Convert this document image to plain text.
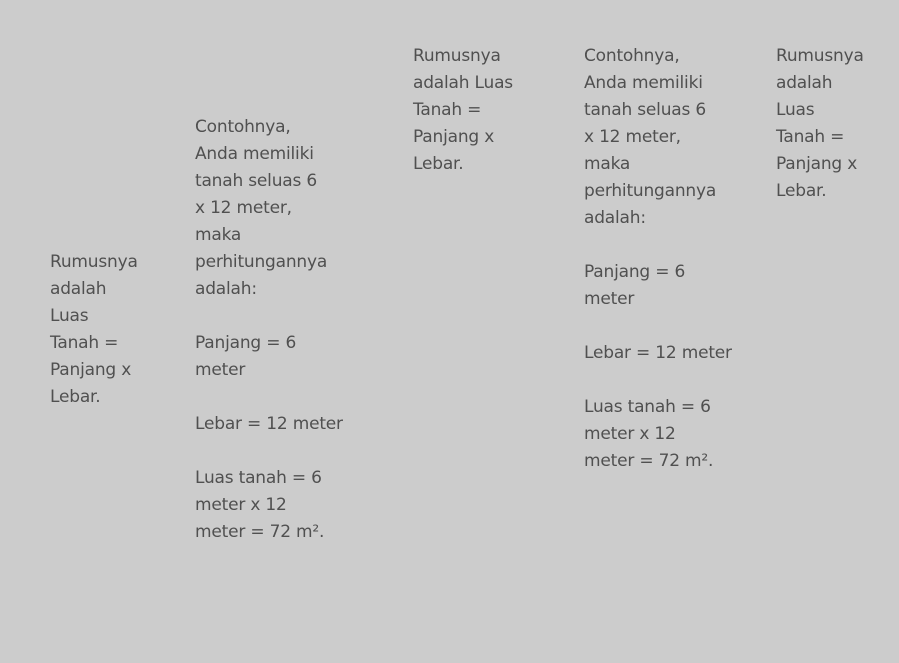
Rumusnya
adalah
Luas
Tanah =
Panjang x
Lebar.
Contohnya,
Anda memiliki
tanah seluas 6
x 12 meter,
maka
perhitungannya
adalah:
Panjang = 6
meter
Lebar = 12 meter
Luas tanah = 6
meter x 12
meter = 72 m².
Rumusnya
adalah Luas
Tanah =
Panjang x
Lebar.
Contohnya,
Anda memiliki
tanah seluas 6
x 12 meter,
maka
perhitungannya
adalah:
Panjang = 6
meter
Lebar = 12 meter
Luas tanah = 6
meter x 12
meter = 72 m².
Rumusnya
adalah
Luas
Tanah =
Panjang x
Lebar.
